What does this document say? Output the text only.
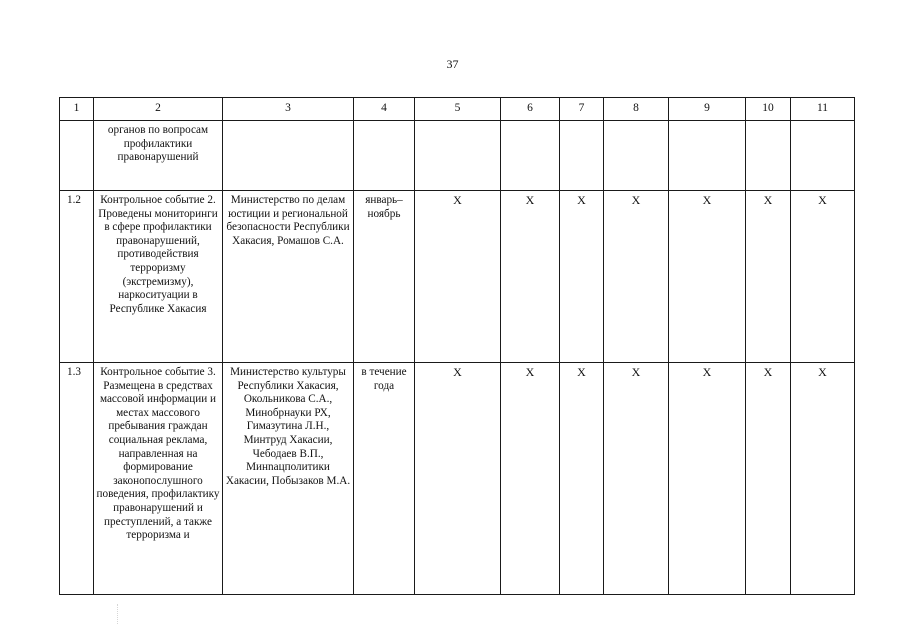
37
1	2	3	4	5	6	7	8	9	10	11
	органов по вопросам профилактики правонарушений									
1.2	Контрольное событие 2. Проведены мониторинги в сфере профилактики правонарушений, противодействия терроризму (экстремизму), наркоситуации в Республике Хакасия	Министерство по делам юстиции и региональной безопасности Республики Хакасия, Ромашов С.А.	январь–ноябрь	X	X	X	X	X	X	X
1.3	Контрольное событие 3. Размещена в средствах массовой информации и местах массового пребывания граждан социальная реклама, направленная на формирование законопослушного поведения, профилактику правонарушений и преступлений, а также терроризма и	Министерство культуры Республики Хакасия, Окольникова С.А., Минобрнауки РХ, Гимазутина Л.Н., Минтруд Хакасии, Чебодаев В.П., Минnацполитики Хакасии, Побызаков М.А.	в течение года	X	X	X	X	X	X	X
